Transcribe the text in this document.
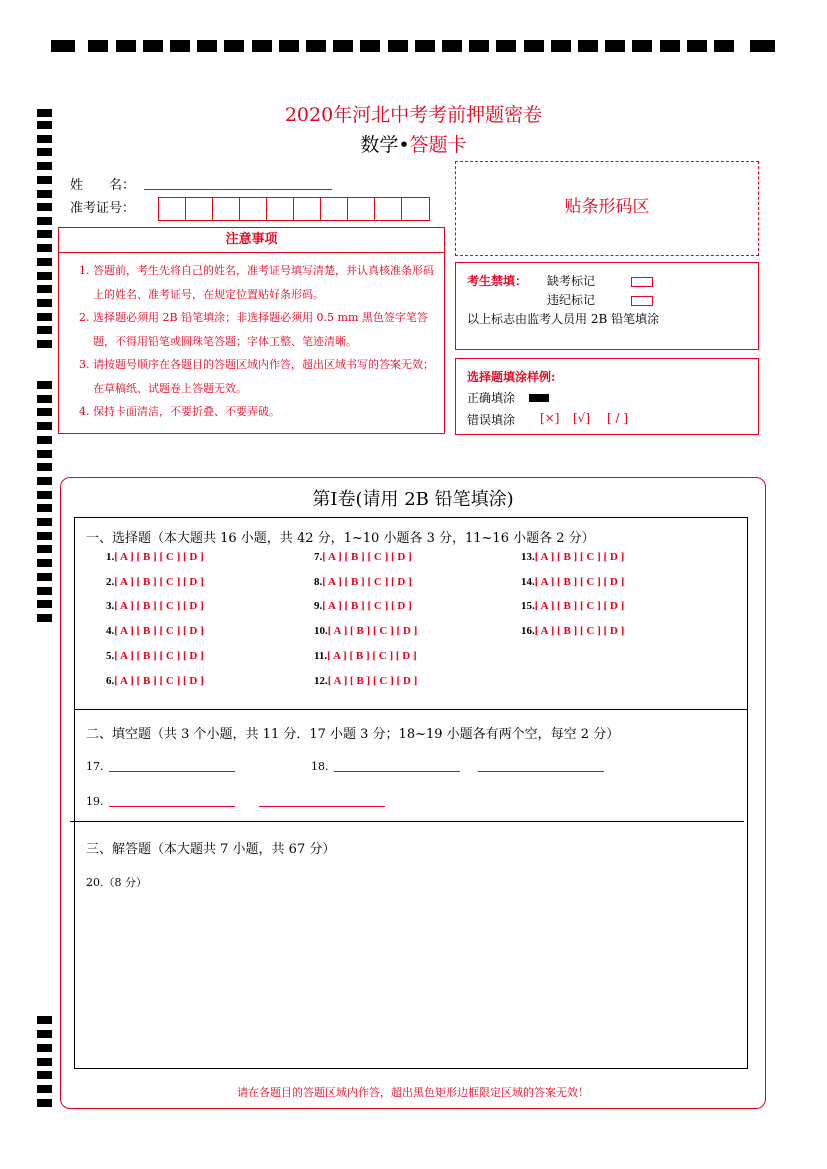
2020年河北中考考前押题密卷
数学•答题卡
姓　　名：
准考证号：
注意事项
1. 答题前，考生先将自己的姓名，准考证号填写清楚，并认真核准条形码上的姓名、准考证号，在规定位置贴好条形码。
2. 选择题必须用 2B 铅笔填涂；非选择题必须用 0.5 mm 黑色签字笔答题，不得用铅笔或圆珠笔答题；字体工整、笔迹清晰。
3. 请按题号顺序在各题目的答题区域内作答，超出区域书写的答案无效；在草稿纸、试题卷上答题无效。
4. 保持卡面清洁，不要折叠、不要弄破。
贴条形码区
考生禁填： 缺考标记
违纪标记
以上标志由监考人员用 2B 铅笔填涂
选择题填涂样例:
正确填涂
错误填涂 [×] [√] [ / ]
第Ⅰ卷(请用 2B 铅笔填涂)
一、选择题（本大题共 16 小题，共 42 分，1~10 小题各 3 分，11~16 小题各 2 分）
1.[ A ] [ B ] [ C ] [ D ]
2.[ A ] [ B ] [ C ] [ D ]
3.[ A ] [ B ] [ C ] [ D ]
4.[ A ] [ B ] [ C ] [ D ]
5.[ A ] [ B ] [ C ] [ D ]
6.[ A ] [ B ] [ C ] [ D ]
7.[ A ] [ B ] [ C ] [ D ]
8.[ A ] [ B ] [ C ] [ D ]
9.[ A ] [ B ] [ C ] [ D ]
10.[ A ] [ B ] [ C ] [ D ]
11.[ A ] [ B ] [ C ] [ D ]
12.[ A ] [ B ] [ C ] [ D ]
13.[ A ] [ B ] [ C ] [ D ]
14.[ A ] [ B ] [ C ] [ D ]
15.[ A ] [ B ] [ C ] [ D ]
16.[ A ] [ B ] [ C ] [ D ]
二、填空题（共 3 个小题，共 11 分．17 小题 3 分；18~19 小题各有两个空，每空 2 分）
17.	18.
19.
三、解答题（本大题共 7 小题，共 67 分）
20.（8 分）
请在各题目的答题区域内作答，超出黑色矩形边框限定区域的答案无效！
